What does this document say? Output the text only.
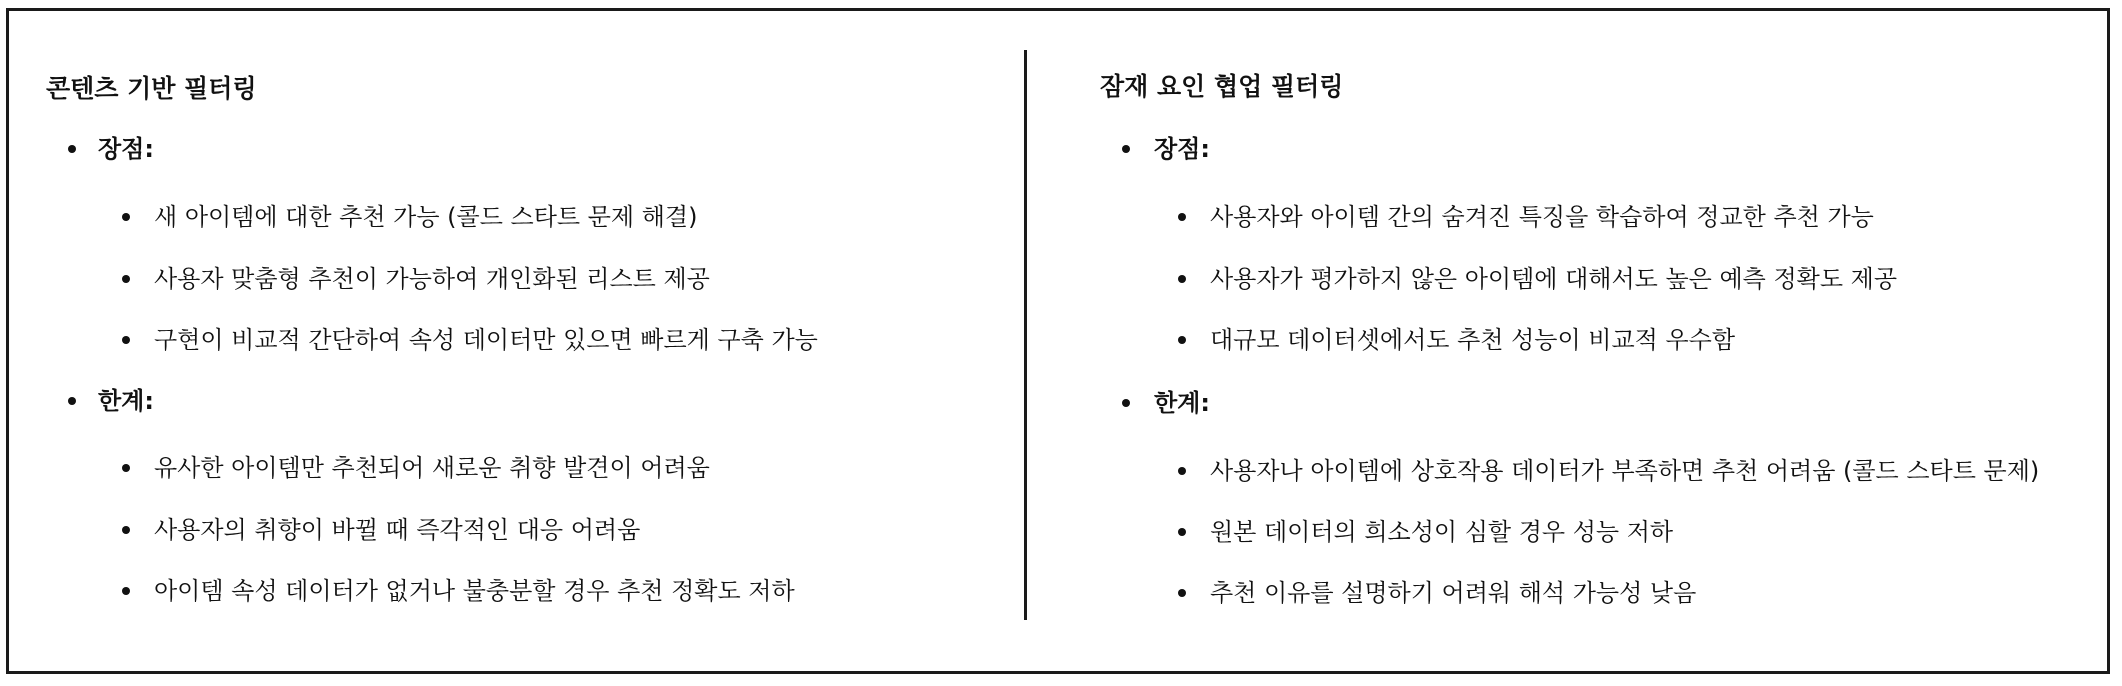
콘텐츠 기반 필터링
장점:
새 아이템에 대한 추천 가능 (콜드 스타트 문제 해결)
사용자 맞춤형 추천이 가능하여 개인화된 리스트 제공
구현이 비교적 간단하여 속성 데이터만 있으면 빠르게 구축 가능
한계:
유사한 아이템만 추천되어 새로운 취향 발견이 어려움
사용자의 취향이 바뀔 때 즉각적인 대응 어려움
아이템 속성 데이터가 없거나 불충분할 경우 추천 정확도 저하
잠재 요인 협업 필터링
장점:
사용자와 아이템 간의 숨겨진 특징을 학습하여 정교한 추천 가능
사용자가 평가하지 않은 아이템에 대해서도 높은 예측 정확도 제공
대규모 데이터셋에서도 추천 성능이 비교적 우수함
한계:
사용자나 아이템에 상호작용 데이터가 부족하면 추천 어려움 (콜드 스타트 문제)
원본 데이터의 희소성이 심할 경우 성능 저하
추천 이유를 설명하기 어려워 해석 가능성 낮음
